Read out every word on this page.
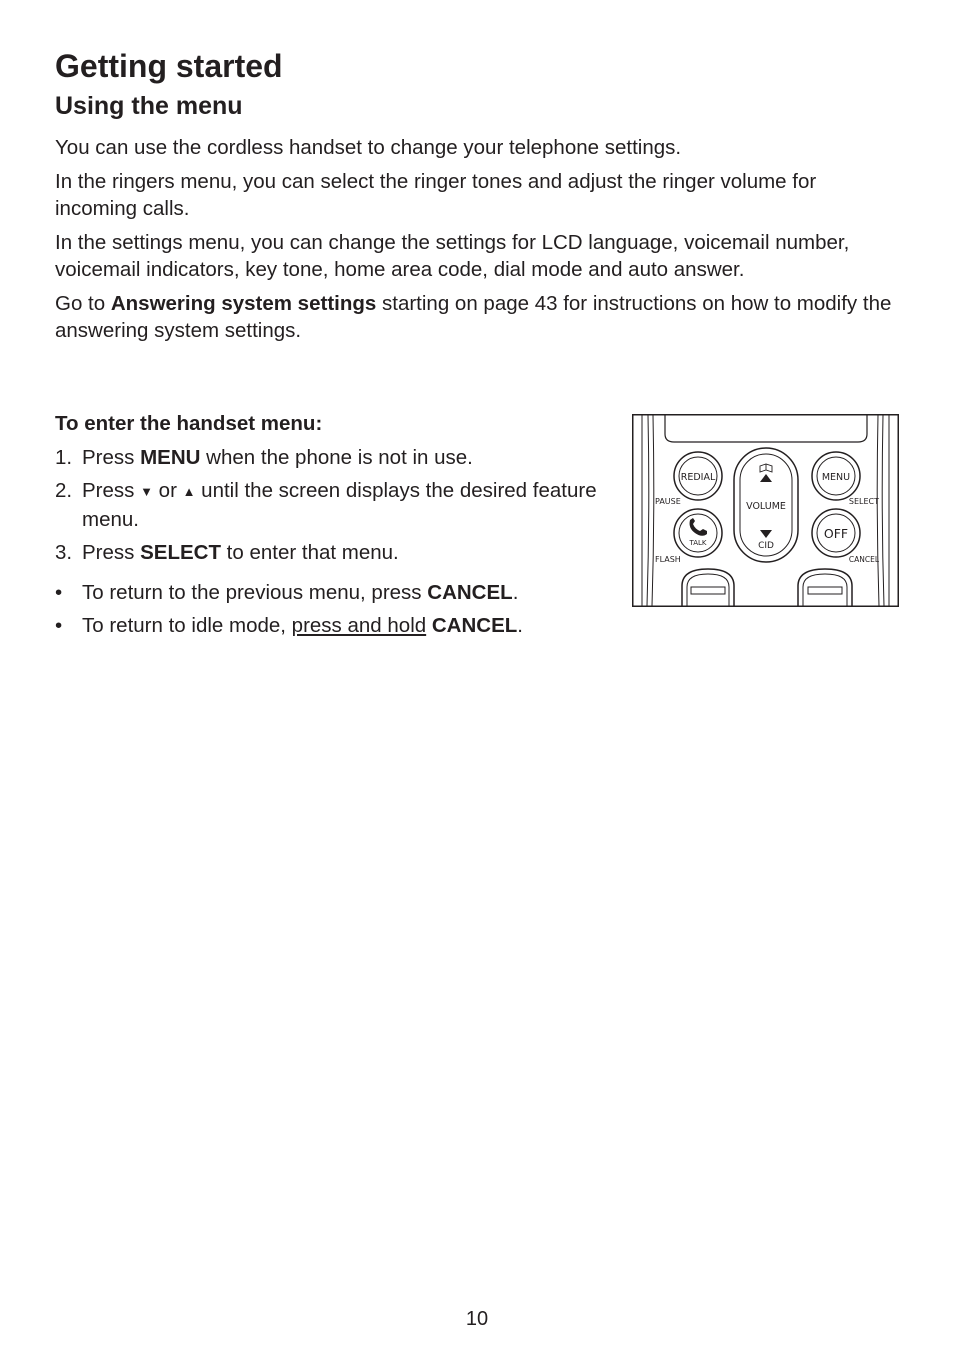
Getting started
Using the menu

You can use the cordless handset to change your telephone settings.

In the ringers menu, you can select the ringer tones and adjust the ringer volume for incoming calls.

In the settings menu, you can change the settings for LCD language, voicemail number, voicemail indicators, key tone, home area code, dial mode and auto answer.

Go to Answering system settings starting on page 43 for instructions on how to modify the answering system settings.

To enter the handset menu:

1. Press MENU when the phone is not in use.
2. Press ▼ or ▲ until the screen displays the desired feature menu.
3. Press SELECT to enter that menu.
• To return to the previous menu, press CANCEL.
• To return to idle mode, press and hold CANCEL.
REDIAL
PAUSE
MENU
SELECT
VOLUME
CID
TALK
FLASH
OFF
CANCEL
10
